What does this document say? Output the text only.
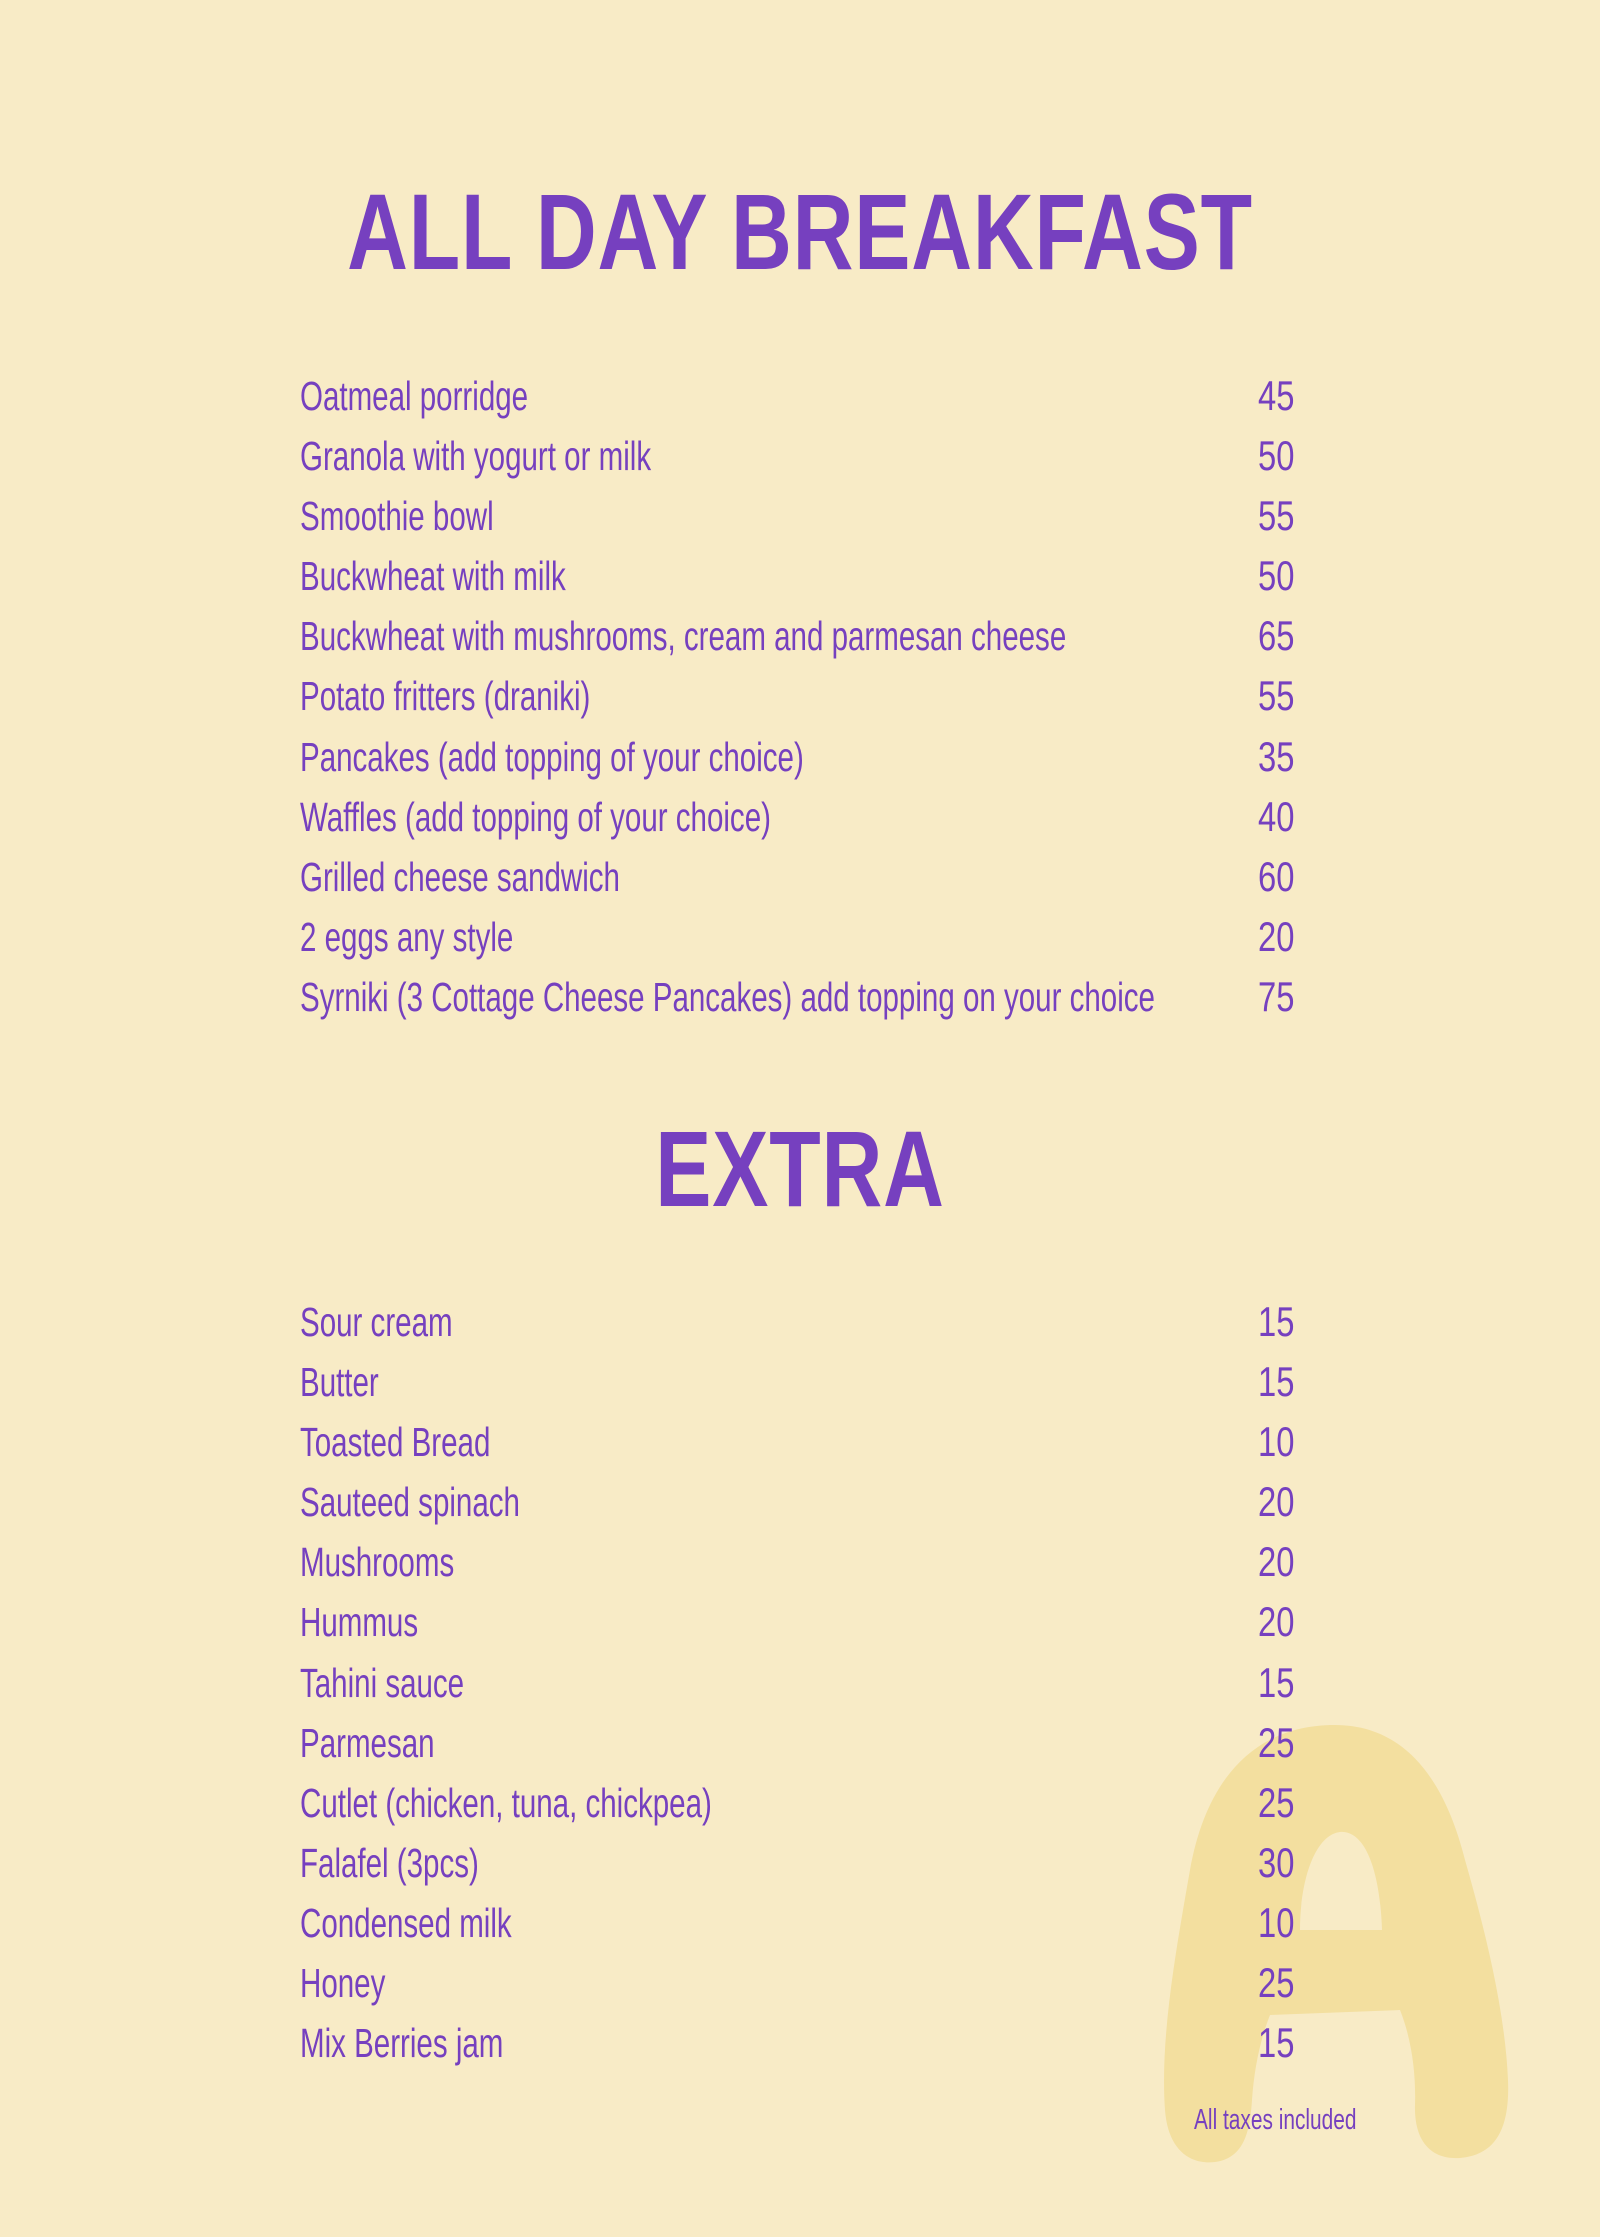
ALL DAY BREAKFAST
Oatmeal porridge	45
Granola with yogurt or milk	50
Smoothie bowl	55
Buckwheat with milk	50
Buckwheat with mushrooms, cream and parmesan cheese	65
Potato fritters (draniki)	55
Pancakes (add topping of your choice)	35
Waffles (add topping of your choice)	40
Grilled cheese sandwich	60
2 eggs any style	20
Syrniki (3 Cottage Cheese Pancakes) add topping on your choice 75
EXTRA
Sour cream	15
Butter	15
Toasted Bread	10
Sauteed spinach	20
Mushrooms	20
Hummus	20
Tahini sauce	15
Parmesan	25
Cutlet (chicken, tuna, chickpea)	25
Falafel (3pcs)	30
Condensed milk	10
Honey	25
Mix Berries jam	15
All taxes included
